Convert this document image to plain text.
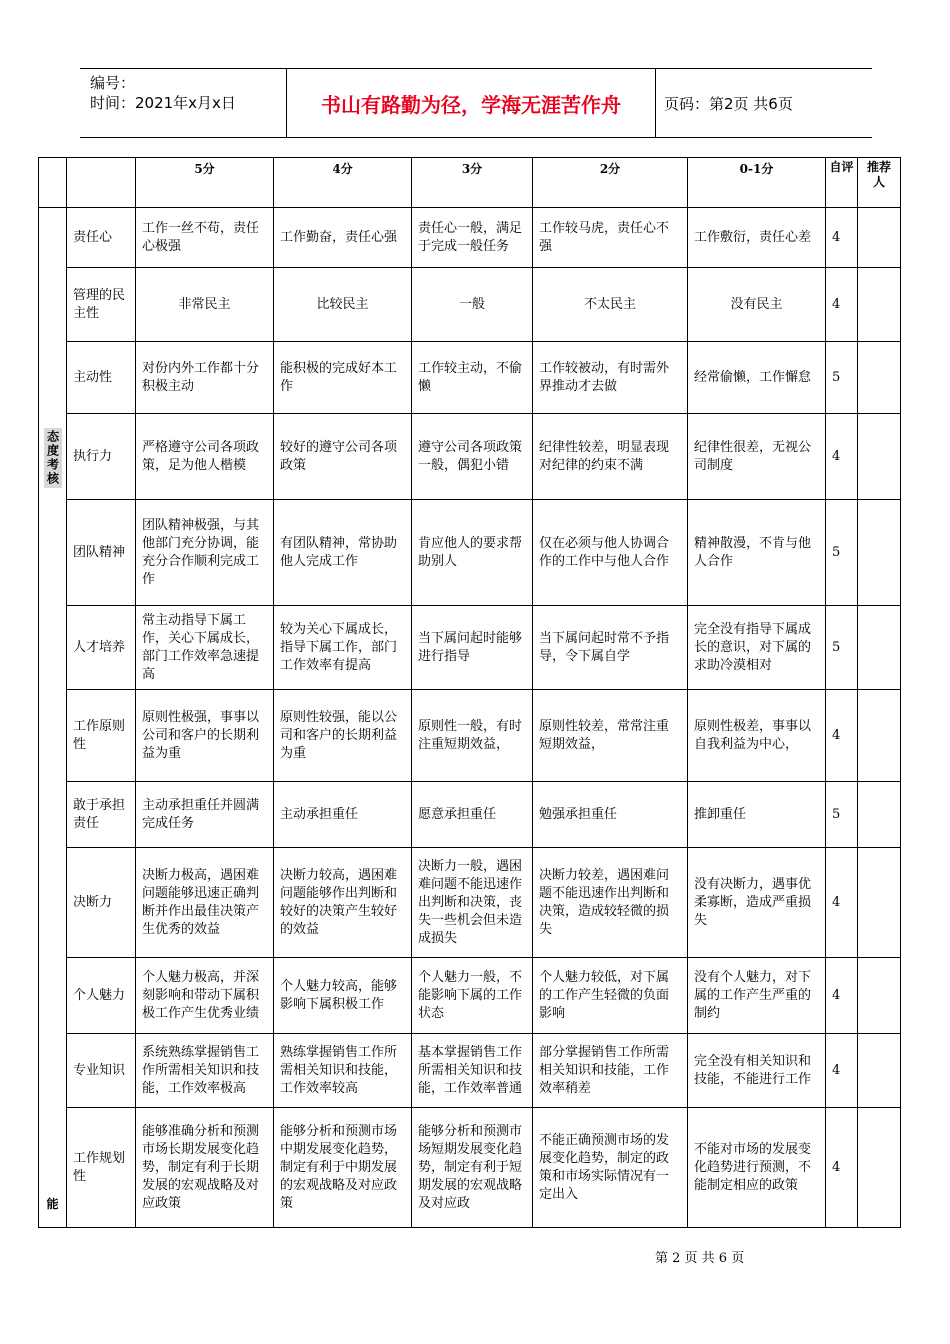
编号：
时间：2021年x月x日	书山有路勤为径，学海无涯苦作舟	页码：第2页 共6页
		5分	4分	3分	2分	0-1分	自评	推荐人

态度考核
能	责任心	工作一丝不苟，责任心极强	工作勤奋，责任心强	责任心一般，满足于完成一般任务	工作较马虎，责任心不强	工作敷衍，责任心差	4	
	管理的民主性	非常民主	比较民主	一般	不太民主	没有民主	4	
	主动性	对份内外工作都十分积极主动	能积极的完成好本工作	工作较主动，不偷懒	工作较被动，有时需外界推动才去做	经常偷懒，工作懈怠	5	
	执行力	严格遵守公司各项政策，足为他人楷模	较好的遵守公司各项政策	遵守公司各项政策一般，偶犯小错	纪律性较差，明显表现对纪律的约束不满	纪律性很差，无视公司制度	4	
	团队精神	团队精神极强，与其他部门充分协调，能充分合作顺利完成工作	有团队精神，常协助他人完成工作	肯应他人的要求帮助别人	仅在必须与他人协调合作的工作中与他人合作	精神散漫，不肯与他人合作	5	
	人才培养	常主动指导下属工作，关心下属成长，部门工作效率急速提高	较为关心下属成长，指导下属工作，部门工作效率有提高	当下属问起时能够进行指导	当下属问起时常不予指导，令下属自学	完全没有指导下属成长的意识，对下属的求助冷漠相对	5	
	工作原则性	原则性极强，事事以公司和客户的长期利益为重	原则性较强，能以公司和客户的长期利益为重	原则性一般，有时注重短期效益，	原则性较差，常常注重短期效益，	原则性极差，事事以自我利益为中心，	4	
	敢于承担责任	主动承担重任并圆满完成任务	主动承担重任	愿意承担重任	勉强承担重任	推卸重任	5	
	决断力	决断力极高，遇困难问题能够迅速正确判断并作出最佳决策产生优秀的效益	决断力较高，遇困难问题能够作出判断和较好的决策产生较好的效益	决断力一般，遇困难问题不能迅速作出判断和决策，丧失一些机会但未造成损失	决断力较差，遇困难问题不能迅速作出判断和决策，造成较轻微的损失	没有决断力，遇事优柔寡断，造成严重损失	4	
	个人魅力	个人魅力极高，并深刻影响和带动下属积极工作产生优秀业绩	个人魅力较高，能够影响下属积极工作	个人魅力一般，不能影响下属的工作状态	个人魅力较低，对下属的工作产生轻微的负面影响	没有个人魅力，对下属的工作产生严重的制约	4	
	专业知识	系统熟练掌握销售工作所需相关知识和技能，工作效率极高	熟练掌握销售工作所需相关知识和技能，工作效率较高	基本掌握销售工作所需相关知识和技能，工作效率普通	部分掌握销售工作所需相关知识和技能，工作效率稍差	完全没有相关知识和技能，不能进行工作	4	
	工作规划性	能够准确分析和预测市场长期发展变化趋势，制定有利于长期发展的宏观战略及对应政策	能够分析和预测市场中期发展变化趋势，制定有利于中期发展的宏观战略及对应政策	能够分析和预测市场短期发展变化趋势，制定有利于短期发展的宏观战略及对应政	不能正确预测市场的发展变化趋势，制定的政策和市场实际情况有一定出入	不能对市场的发展变化趋势进行预测，不能制定相应的政策	4	
第 2 页 共 6 页
